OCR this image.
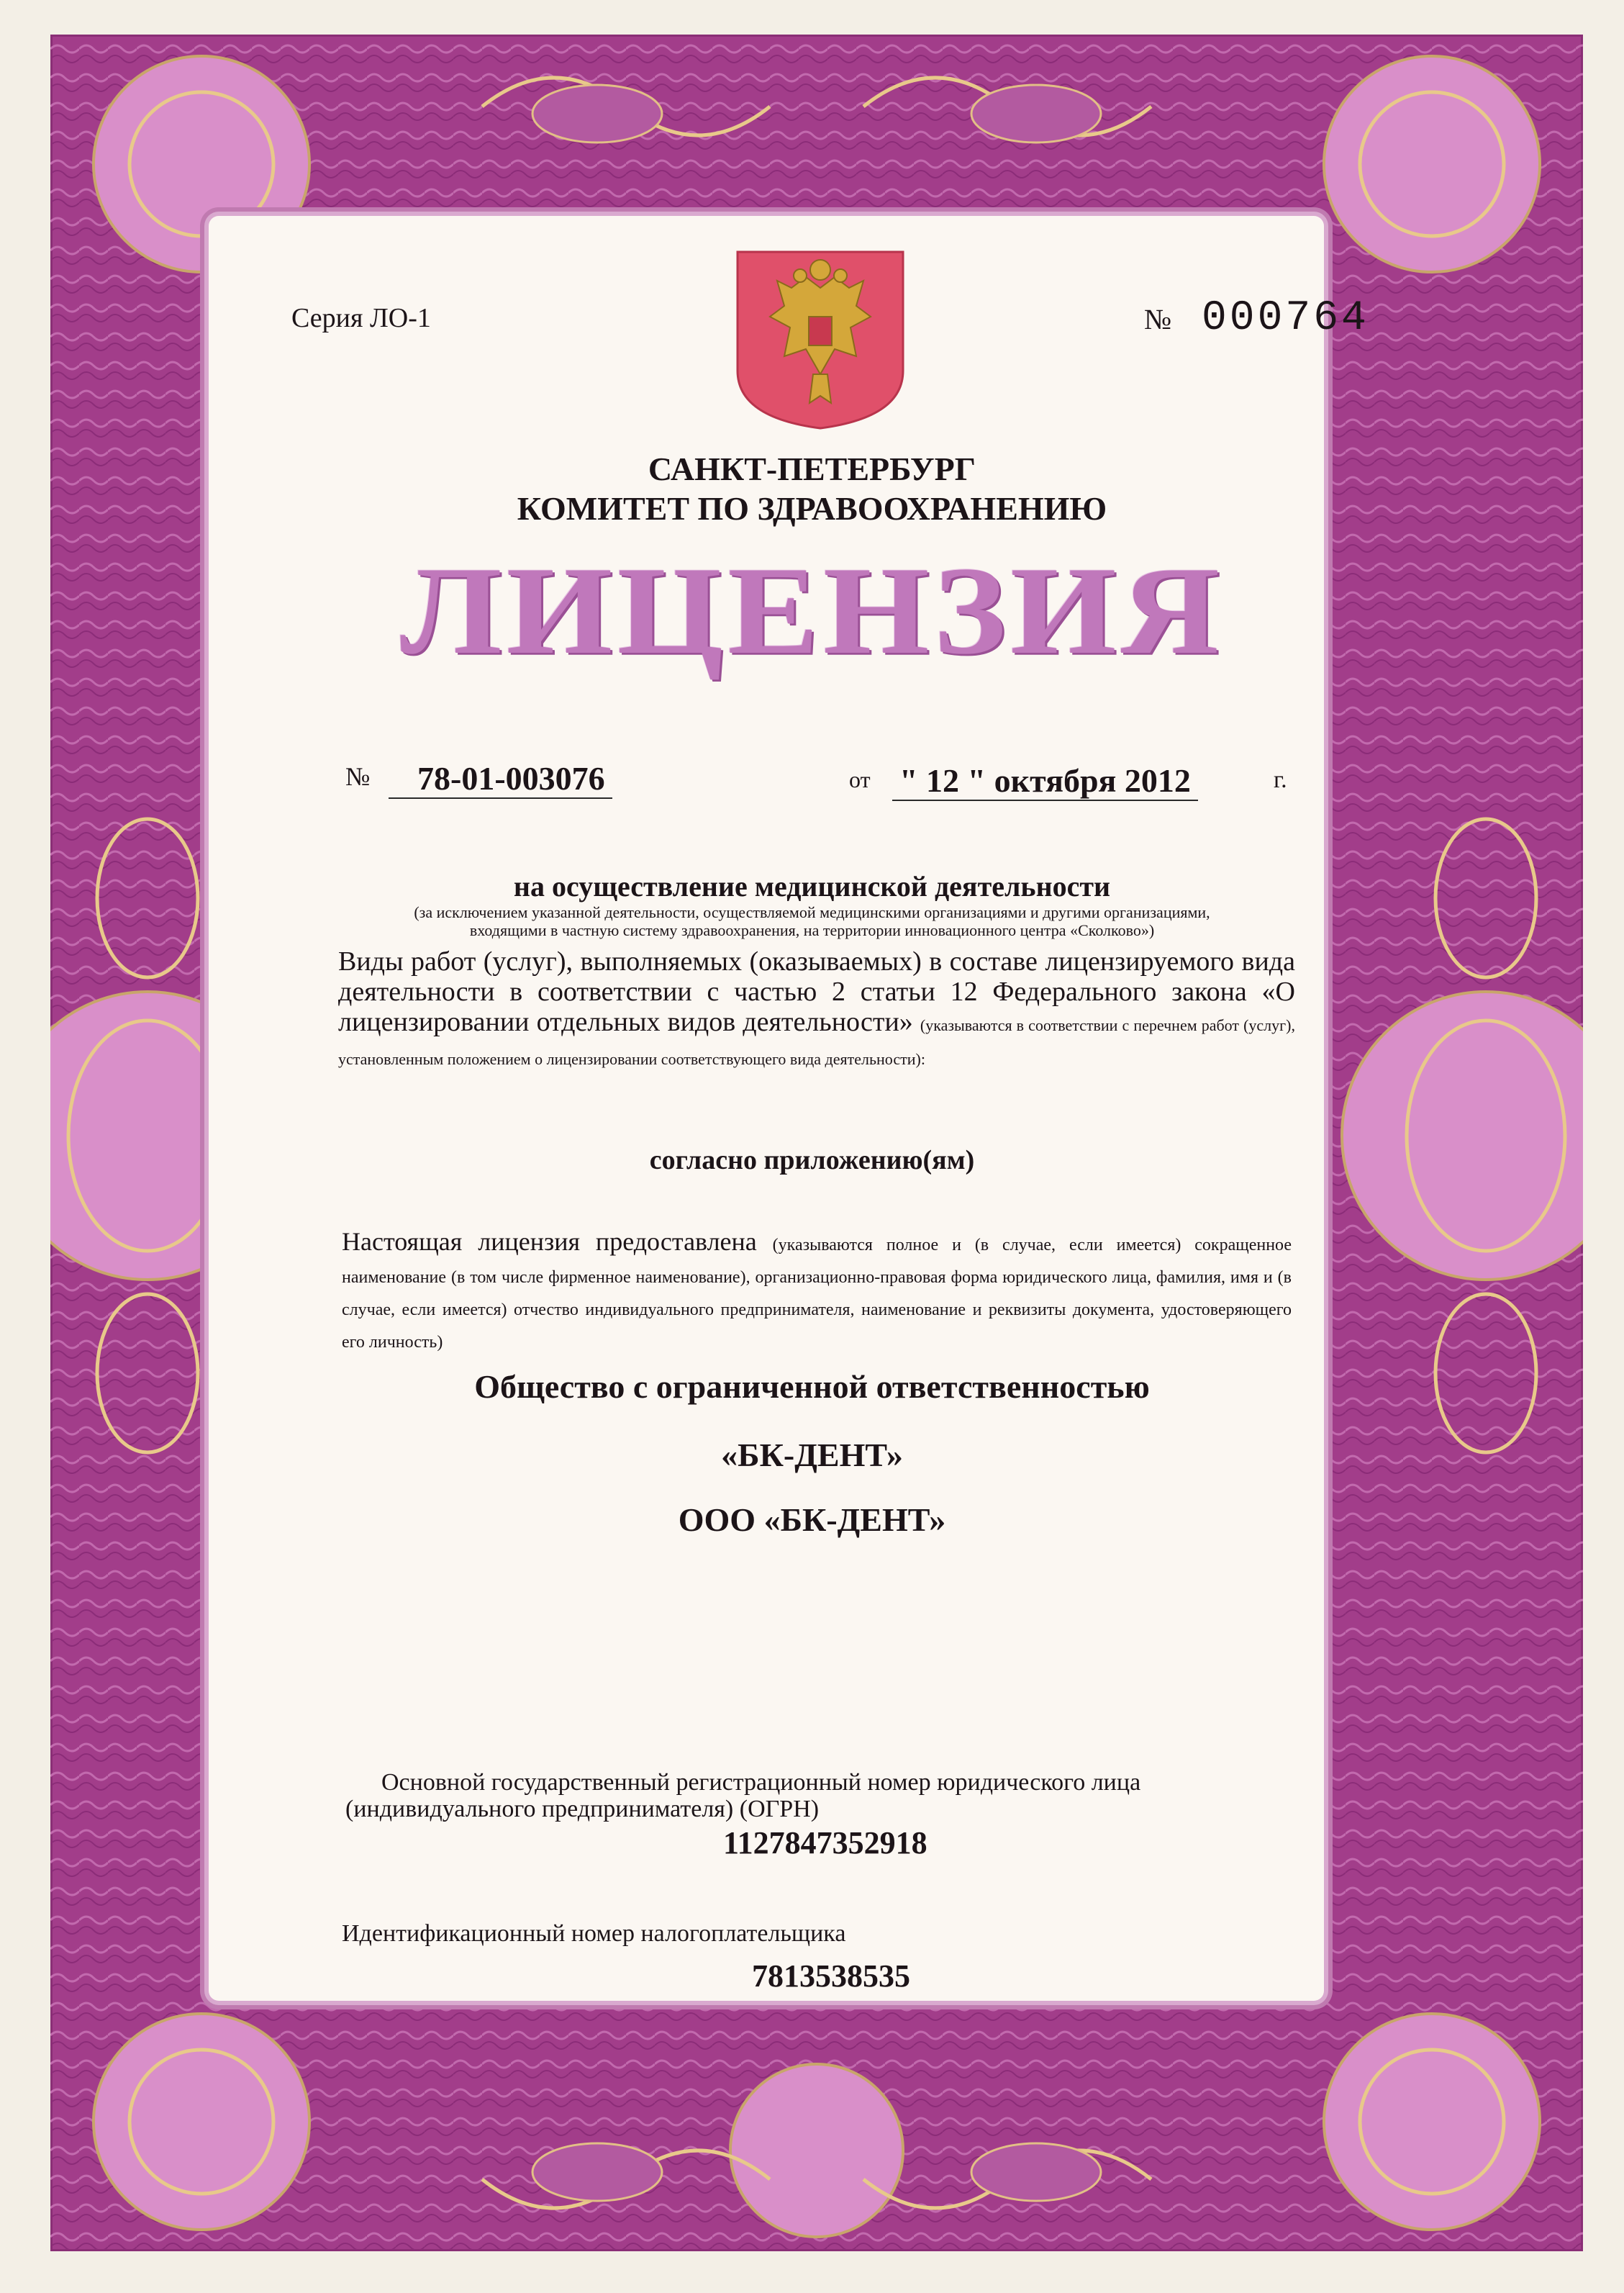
Серия ЛО-1	№ 000764
САНКТ-ПЕТЕРБУРГ
КОМИТЕТ ПО ЗДРАВООХРАНЕНИЮ
ЛИЦЕНЗИЯ
№	78-01-003076	от " 12 " октября 2012	г.
на осуществление медицинской деятельности
(за исключением указанной деятельности, осуществляемой медицинскими организациями и другими организациями,
входящими в частную систему здравоохранения, на территории инновационного центра «Сколково»)
Виды работ (услуг), выполняемых (оказываемых) в составе лицензируемого вида деятельности в соответствии с частью 2 статьи 12 Федерального закона «О лицензировании отдельных видов деятельности» (указываются в соответствии с перечнем работ (услуг), установленным положением о лицензировании соответствующего вида деятельности):
согласно приложению(ям)
Настоящая лицензия предоставлена (указываются полное и (в случае, если имеется) сокращенное наименование (в том числе фирменное наименование), организационно-правовая форма юридического лица, фамилия, имя и (в случае, если имеется) отчество индивидуального предпринимателя, наименование и реквизиты документа, удостоверяющего его личность)
Общество с ограниченной ответственностью
«БК-ДЕНТ»
ООО «БК-ДЕНТ»
Основной государственный регистрационный номер юридического лица
(индивидуального предпринимателя) (ОГРН)
1127847352918
Идентификационный номер налогоплательщика
7813538535
